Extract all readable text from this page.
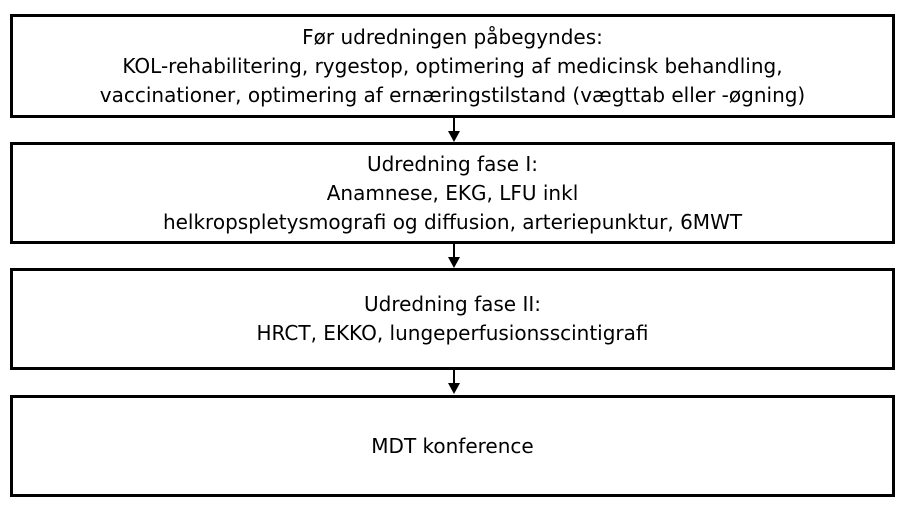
Før udredningen påbegyndes:
KOL-rehabilitering, rygestop, optimering af medicinsk behandling,
vaccinationer, optimering af ernæringstilstand (vægttab eller -øgning)
Udredning fase I:
Anamnese, EKG, LFU inkl
helkropspletysmografi og diffusion, arteriepunktur, 6MWT
Udredning fase II:
HRCT, EKKO, lungeperfusionsscintigrafi
MDT konference
